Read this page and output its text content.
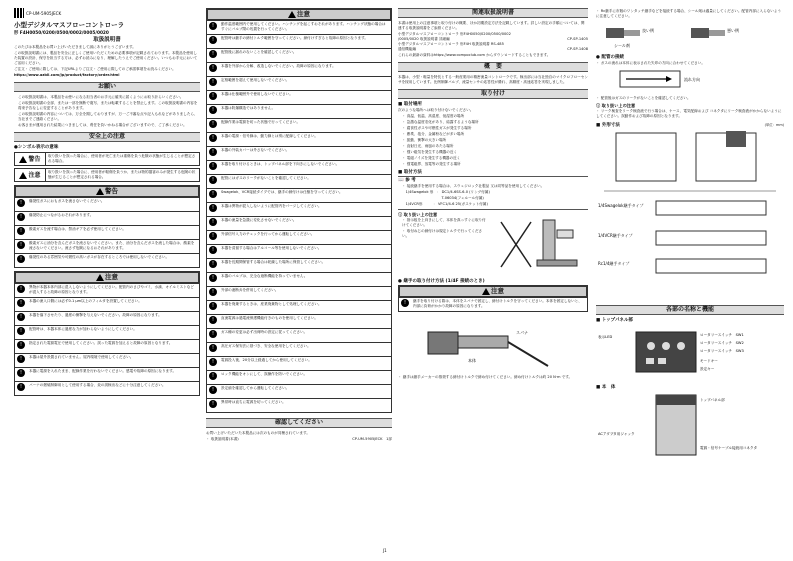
CP-UM-5905JECK
小型デジタルマスフローコントローラ
形 F4H0050/0200/0500/0002/0005/0020
取扱説明書
このたびは本製品をお買い上げいただきまして誠にありがとうございます。
この取扱説明書には、製品を安全に正しくご使用いただくための必要事項が記載されております。本製品を使用した装置の設計、保守を担当する方は、必ずお読みになり、理解したうえでご使用ください。いつもお手元においてご活用ください。
ご注文・ご使用に際しては、下記URLよりご注文・ご使用に際してのご承諾事項をお読みください。
https://www.azbil.com/jp/product/factory/order.html
お願い
この取扱説明書は、本製品をお使いになる担当者のお手元に確実に届くようにお取り計らいください。
この取扱説明書の全部、または一部を無断で複写、または転載することを禁止します。この取扱説明書の内容を将来予告なしに変更することがあります。
この取扱説明書の内容については、万全を期しておりますが、万一ご不審な点や記入もれなどがありましたら、当社までご連絡ください。
お客さまが運用された結果につきましては、責任を負いかねる場合がございますので、ご了承ください。
安全上の注意
●シンボル表示の意味
警告	取り扱いを誤った場合に、使用者が死亡または重傷を負う危険の状態が生じることが想定される場合。
注意	取り扱いを誤った場合に、使用者が軽傷を負うか、または物的損害のみが発生する危険の状態が生じることが想定される場合。
警告
!	爆発性ガスにおもガスを流さないでください。
!	爆発防止につながるおそれがあります。
!	酸素ガスを流す場合は、禁油ギアを必ず使用してください。
!	酸素ガスに油分を含んだガスを流さないでください。また、油分を含んだガスを流した場合は、酸素を流さないでください。流さず危険になるおそれがあります。
!	爆発性のある雰囲気や可燃性の高いガスが存在するところでは使用しないでください。
注意
!	異物が本器本体内部に混入しないようにしてください。配管内のさびやゴミ、水滴、オイルミストなどが混入すると故障の原因となります。
!	本器の流入口側には必ず0.1 μm以上のフィルタを設置してください。
!	本器を落下させたり、過度の衝撃を与えないでください。故障の原因になります。
!	配管時は、本器本体に過度な力が加わらないようにしてください。
!	指定された電源電圧で使用してください。誤った電源を加えると故障の原因となります。
!	本器は屋外設置されていません。屋内環境で使用してください。
!	本器に電源を入れたまま、配線作業を行わないでください。感電や故障の原因になります。
!	バーナの燃焼制御用として使用する場合、炎の誤検出などに十分注意してください。
注意
!	動作温度範囲内で使用してください。ハンチングを起こすおそれがあります。ハンチング状態の場合はすぐにバルブ閉の処置を行ってください。
!	配管時は継手の締付トルク範囲を守ってください。締付けすぎると故障の原因となります。
!	配管後に漏れのないことを確認してください。
!	本器を外部から分解、改造しないでください。故障の原因になります。
!	定格範囲を超えて使用しないでください。
!	本器は仕様範囲外で使用しないでください。
!	本器は防爆構造ではありません。
!	配線作業は電源を切った状態で行ってください。
!	本器の電源・信号線は、動力線とは別に配線してください。
!	本器の外装カバーは外さないでください。
!	本器を取り付けるときは、トップパネル部を下向きにしないでください。
!	配管にはガスのリークがないことを確認してください。
!	Swagelok、VCR接続タイプでは、継手の締付けは仕様を守ってください。
!	本器は異物が混入しないように配管内をパージしてください。
!	本器の流量を急激に変化させないでください。
!	外部信号入力のチェックを行ってから運転してください。
!	本器を清掃する場合はアルコール等を使用しないでください。
!	本器を長期間保管する場合は乾燥した場所に保管してください。
!	本器のバルブは、完全な遮断機能を持っていません。
!	外部の遮断弁を併用してください。
!	本器を廃棄するときは、産業廃棄物として処理してください。
!	直流電源は過電流保護機能付きのものを使用してください。
!	ガス種の変更は必ず出荷時の設定に従ってください。
!	高圧ガス保安法に基づき、安全な使用をしてください。
!	電源投入後、20分以上経過してから使用してください。
!	ロック機能をオンにして、誤操作を防いでください。
!	設定値を確認してから運転してください。
!	異常時は直ちに電源を切ってください。
確認してください
お買い上げいただいた本製品には次のものが同梱されています。
・ 取扱説明書(本書)	CP-UM-5905JECK　1部
関連取扱説明書
本書は使用上の注意事項と取り付けの概要、ほか初期設定方法を記載しています。詳しい設定の手順については、関連する取扱説明書をご参照ください。
小型デジタルマスフローコントローラ 形F4H0050/0200/0500/0002
/0005/0020 取扱説明書 詳細編	CP-SP-1405
小型デジタルマスフローコントローラ 形F4H 取扱説明書 RS-485
通信機能編	CP-SP-1408
これらの最新の資料はhttps://www.compoclub.com からダウンロードすることもできます。
概　要
本器は、小型・軽量を特長とする一般産業用の精密流量コントローラです。検出部には当社独自のマイクロフローセンサを採用しています。比例制御バルブ、流量センサの応答性が優れ、高精度・高速応答を実現しました。
取り付け
■ 取付場所
次のような場所へは取り付けないでください。
・ 高温、低温、高湿度、低湿度の場所
・ 急激な温度変化があり、結露するような場所
・ 腐食性ガスや可燃性ガスが発生する場所
・ 塵埃、塩分、金属粉などが多い場所
・ 振動、衝撃の大きい場所
・ 直射日光、雨風のあたる場所
・ 強い磁気を発生する機器の近く
・ 電磁ノイズを発生する機器の近く
・ 強電磁界、放電等の発生する場所
■ 取付方法
📖 参 考
・ 接続継手を使用する場合は、スウェジロック社製品 又は同等品を使用してください。
　1/4Swagelok 形　： DC1/4-6SS-6-0 (リング付属)
　　　　　　　　　　　T-06034(フェルール付属)
　1/4VCR形　　　： VFC1/4-6 25(ガスケット付属)
ⓘ 取り扱い上の注意
・ 指示板を上向きにして、本体を真っすぐに取り付けてください。
・ 取付ねじの締付けは規定トルクで行ってください。
● 継手の取り付け方法 (1/4F 接続のとき)
注意
!	継手を取り付ける際は、本体をスパナで固定し、締付けトルクを守ってください。本体を固定しないと、内部に負荷がかかり故障の原因になります。
スパナ
本体
・ 継手は継手メーカーの推奨する締付けトルクで締め付けてください。締め付けトルクは約 20 N·m です。
・ Rc継手に市販のワンタッチ継手などを接続する場合、シール剤は適量にしてください。配管内部に入らないように注意してください。
良い例
シール剤
悪い例
● 配管の接続
・ ガスの流れは本体に表示された矢印の方向に合わせてください。
流れ方向
・ 配管後はガスのリークがないことを確認してください。
ⓘ 取り扱い上の注意
・ リーク検査をリーク検査液で行う場合は、ケース、電気配線および コネクタにリーク検査液がかからないようにしてください。誤動作および故障の原因となります。
■ 外形寸法	(単位：mm)
1/4Swagelok継手タイプ
1/4VCR継手タイプ
Rc1/4継手タイプ
各部の名称と機能
■ トップパネル部
ロータリースイッチ　SW1
ロータリースイッチ　SW2
ロータリースイッチ　SW3
表示LED
モードキー
設定キー
■ 本　体
トップパネル部
ACアダプタ用ジャック
電源・信号ケーブル接続用コネクタ
J1
